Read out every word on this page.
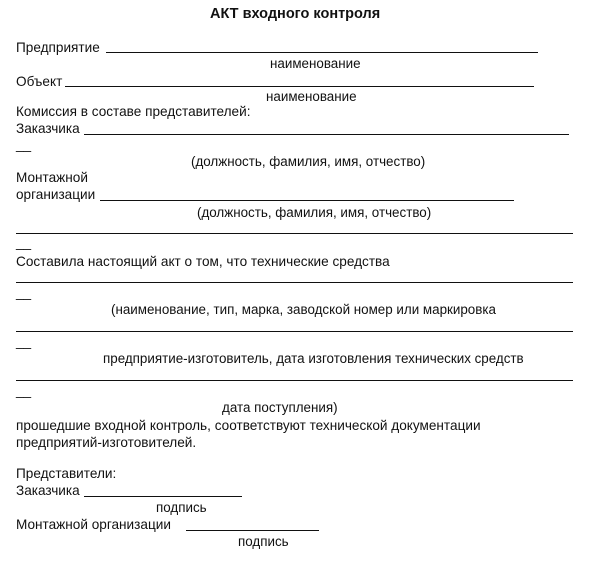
АКТ входного контроля
Предприятие
наименование
Объект
наименование
Комиссия в составе представителей:
Заказчика
__
(должность, фамилия, имя, отчество)
Монтажной
организации
(должность, фамилия, имя, отчество)
__
Составила настоящий акт о том, что технические средства
__
(наименование, тип, марка, заводской номер или маркировка
__
предприятие-изготовитель, дата изготовления технических средств
__
дата поступления)
прошедшие входной контроль, соответствуют технической документации
предприятий-изготовителей.
Представители:
Заказчика
подпись
Монтажной организации
подпись
